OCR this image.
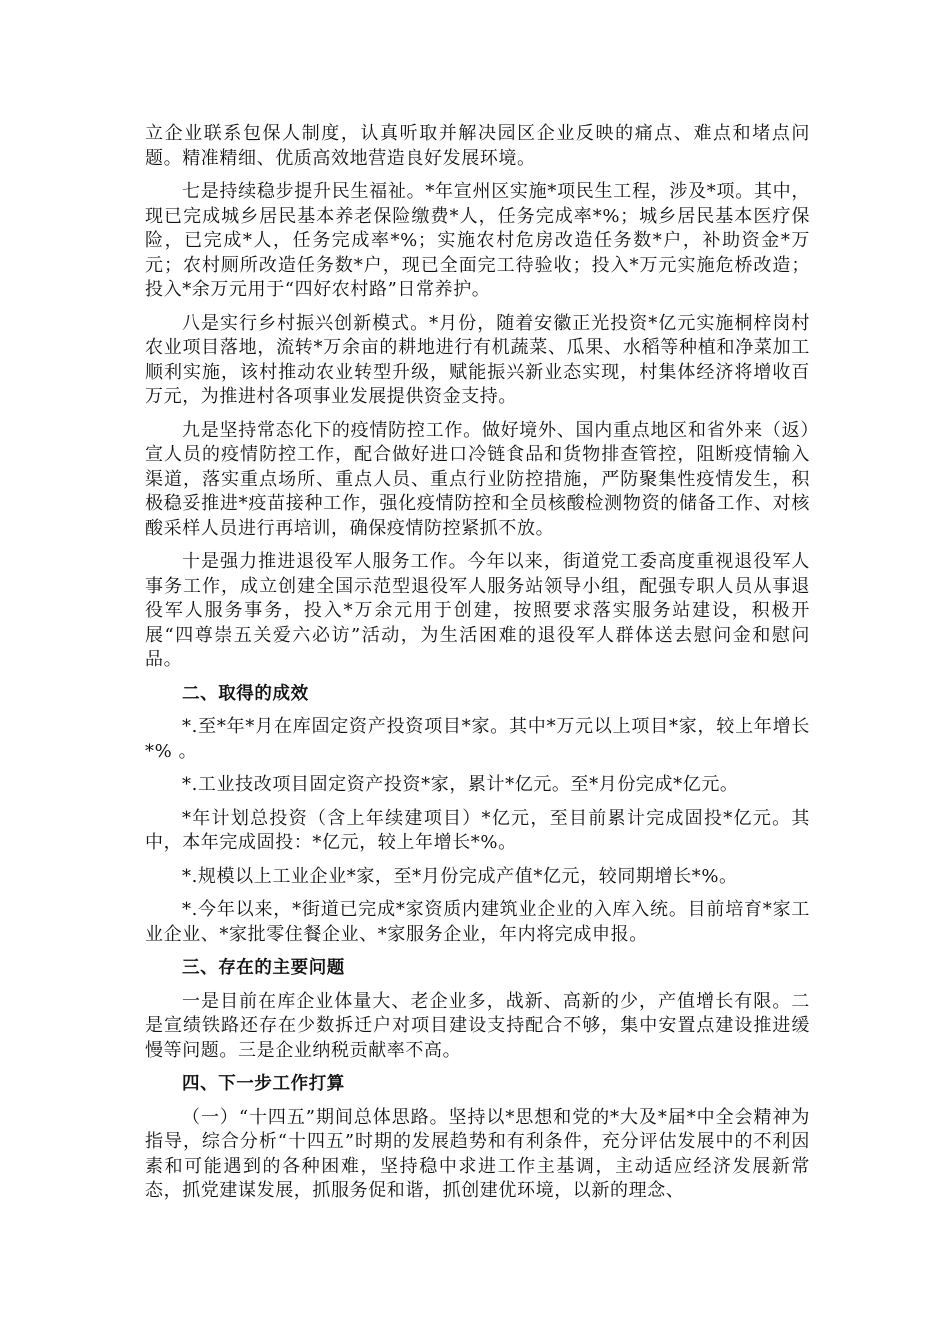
立企业联系包保人制度，认真听取并解决园区企业反映的痛点、难点和堵点问题。精准精细、优质高效地营造良好发展环境。

七是持续稳步提升民生福祉。*年宣州区实施*项民生工程，涉及*项。其中，现已完成城乡居民基本养老保险缴费*人，任务完成率*%；城乡居民基本医疗保险，已完成*人，任务完成率*%；实施农村危房改造任务数*户，补助资金*万元；农村厕所改造任务数*户，现已全面完工待验收；投入*万元实施危桥改造；投入*余万元用于“四好农村路”日常养护。

八是实行乡村振兴创新模式。*月份，随着安徽正光投资*亿元实施桐梓岗村农业项目落地，流转*万余亩的耕地进行有机蔬菜、瓜果、水稻等种植和净菜加工顺利实施，该村推动农业转型升级，赋能振兴新业态实现，村集体经济将增收百万元，为推进村各项事业发展提供资金支持。

九是坚持常态化下的疫情防控工作。做好境外、国内重点地区和省外来（返）宣人员的疫情防控工作，配合做好进口冷链食品和货物排查管控，阻断疫情输入渠道，落实重点场所、重点人员、重点行业防控措施，严防聚集性疫情发生，积极稳妥推进*疫苗接种工作，强化疫情防控和全员核酸检测物资的储备工作、对核酸采样人员进行再培训，确保疫情防控紧抓不放。

十是强力推进退役军人服务工作。今年以来，街道党工委高度重视退役军人事务工作，成立创建全国示范型退役军人服务站领导小组，配强专职人员从事退役军人服务事务，投入*万余元用于创建，按照要求落实服务站建设，积极开展“四尊崇五关爱六必访”活动，为生活困难的退役军人群体送去慰问金和慰问品。

二、取得的成效

*.至*年*月在库固定资产投资项目*家。其中*万元以上项目*家，较上年增长*% 。

*.工业技改项目固定资产投资*家，累计*亿元。至*月份完成*亿元。

*年计划总投资（含上年续建项目）*亿元，至目前累计完成固投*亿元。其中，本年完成固投：*亿元，较上年增长*%。

*.规模以上工业企业*家，至*月份完成产值*亿元，较同期增长*%。

*.今年以来，*街道已完成*家资质内建筑业企业的入库入统。目前培育*家工业企业、*家批零住餐企业、*家服务企业，年内将完成申报。

三、存在的主要问题

一是目前在库企业体量大、老企业多，战新、高新的少，产值增长有限。二是宣绩铁路还存在少数拆迁户对项目建设支持配合不够，集中安置点建设推进缓慢等问题。三是企业纳税贡献率不高。

四、下一步工作打算

（一）“十四五”期间总体思路。坚持以*思想和党的*大及*届*中全会精神为指导，综合分析“十四五”时期的发展趋势和有利条件，充分评估发展中的不利因素和可能遇到的各种困难，坚持稳中求进工作主基调，主动适应经济发展新常态，抓党建谋发展，抓服务促和谐，抓创建优环境，以新的理念、
